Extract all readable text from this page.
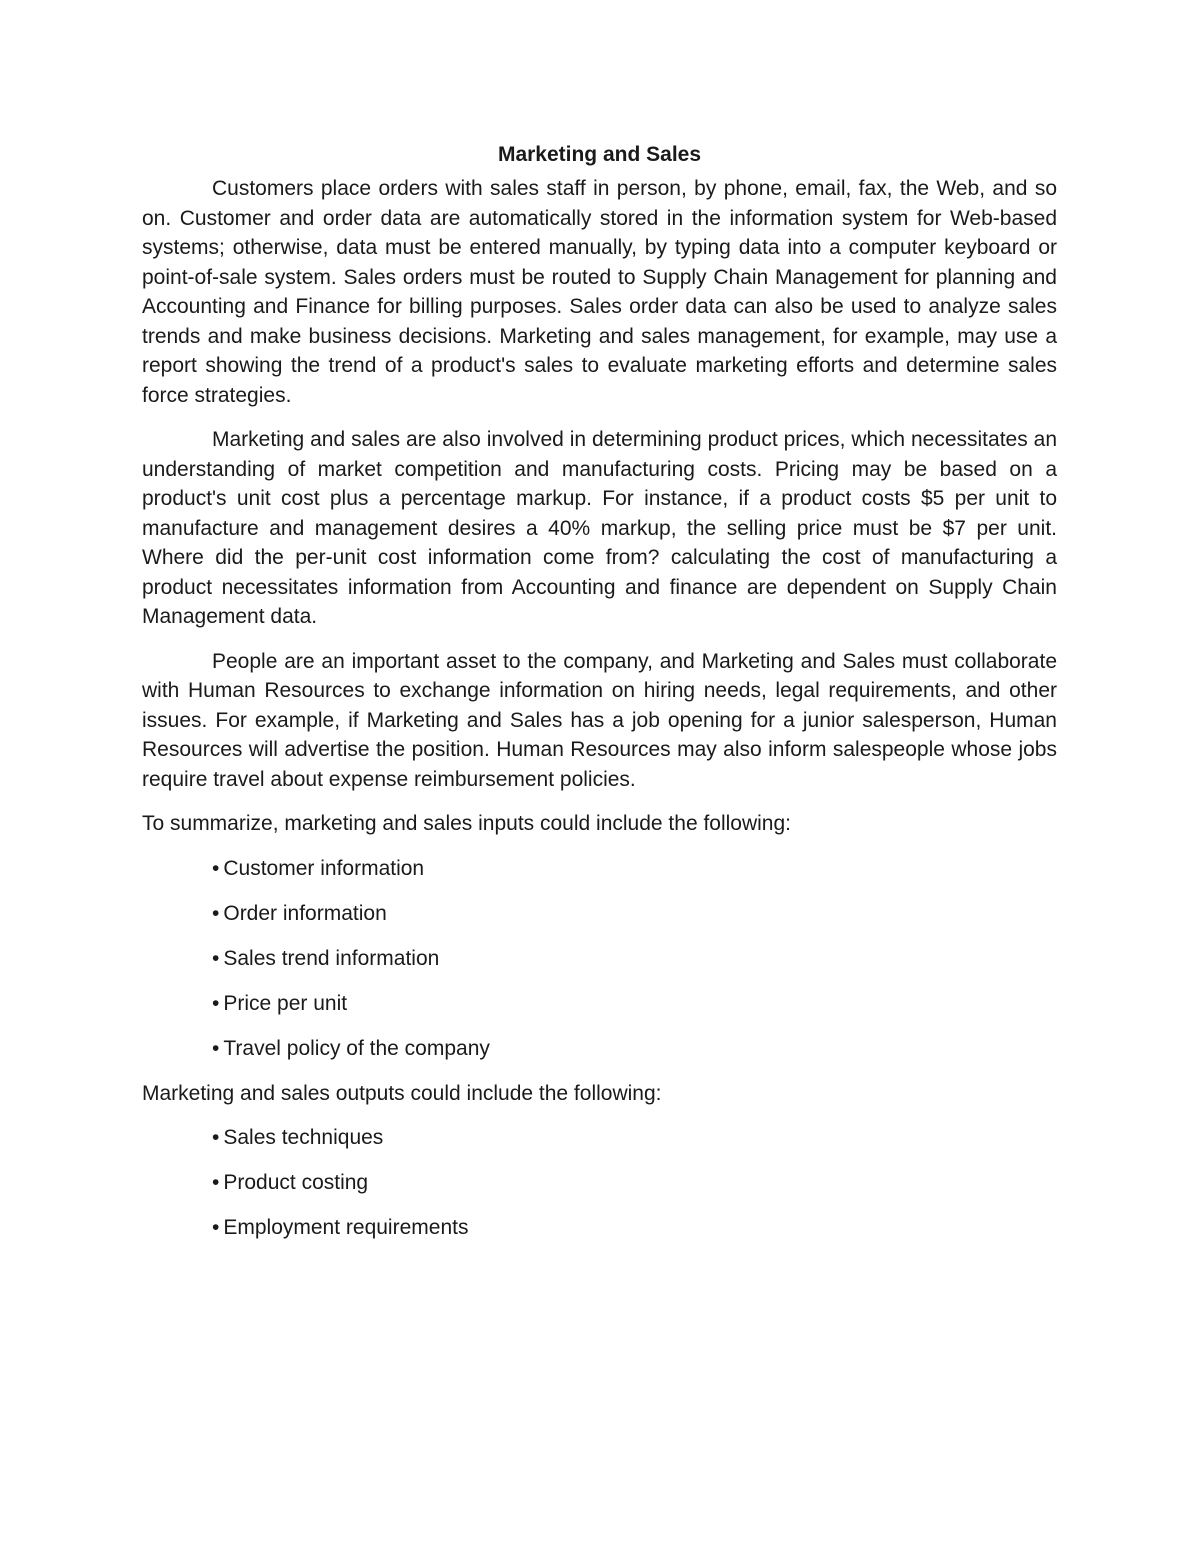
Marketing and Sales

Customers place orders with sales staff in person, by phone, email, fax, the Web, and so on. Customer and order data are automatically stored in the information system for Web-based systems; otherwise, data must be entered manually, by typing data into a computer keyboard or point-of-sale system. Sales orders must be routed to Supply Chain Management for planning and Accounting and Finance for billing purposes. Sales order data can also be used to analyze sales trends and make business decisions. Marketing and sales management, for example, may use a report showing the trend of a product's sales to evaluate marketing efforts and determine sales force strategies.

Marketing and sales are also involved in determining product prices, which necessitates an understanding of market competition and manufacturing costs. Pricing may be based on a product's unit cost plus a percentage markup. For instance, if a product costs $5 per unit to manufacture and management desires a 40% markup, the selling price must be $7 per unit. Where did the per-unit cost information come from? calculating the cost of manufacturing a product necessitates information from Accounting and finance are dependent on Supply Chain Management data.

People are an important asset to the company, and Marketing and Sales must collaborate with Human Resources to exchange information on hiring needs, legal requirements, and other issues. For example, if Marketing and Sales has a job opening for a junior salesperson, Human Resources will advertise the position. Human Resources may also inform salespeople whose jobs require travel about expense reimbursement policies.

To summarize, marketing and sales inputs could include the following:

• Customer information
• Order information
• Sales trend information
• Price per unit
• Travel policy of the company

Marketing and sales outputs could include the following:

• Sales techniques
• Product costing
• Employment requirements
